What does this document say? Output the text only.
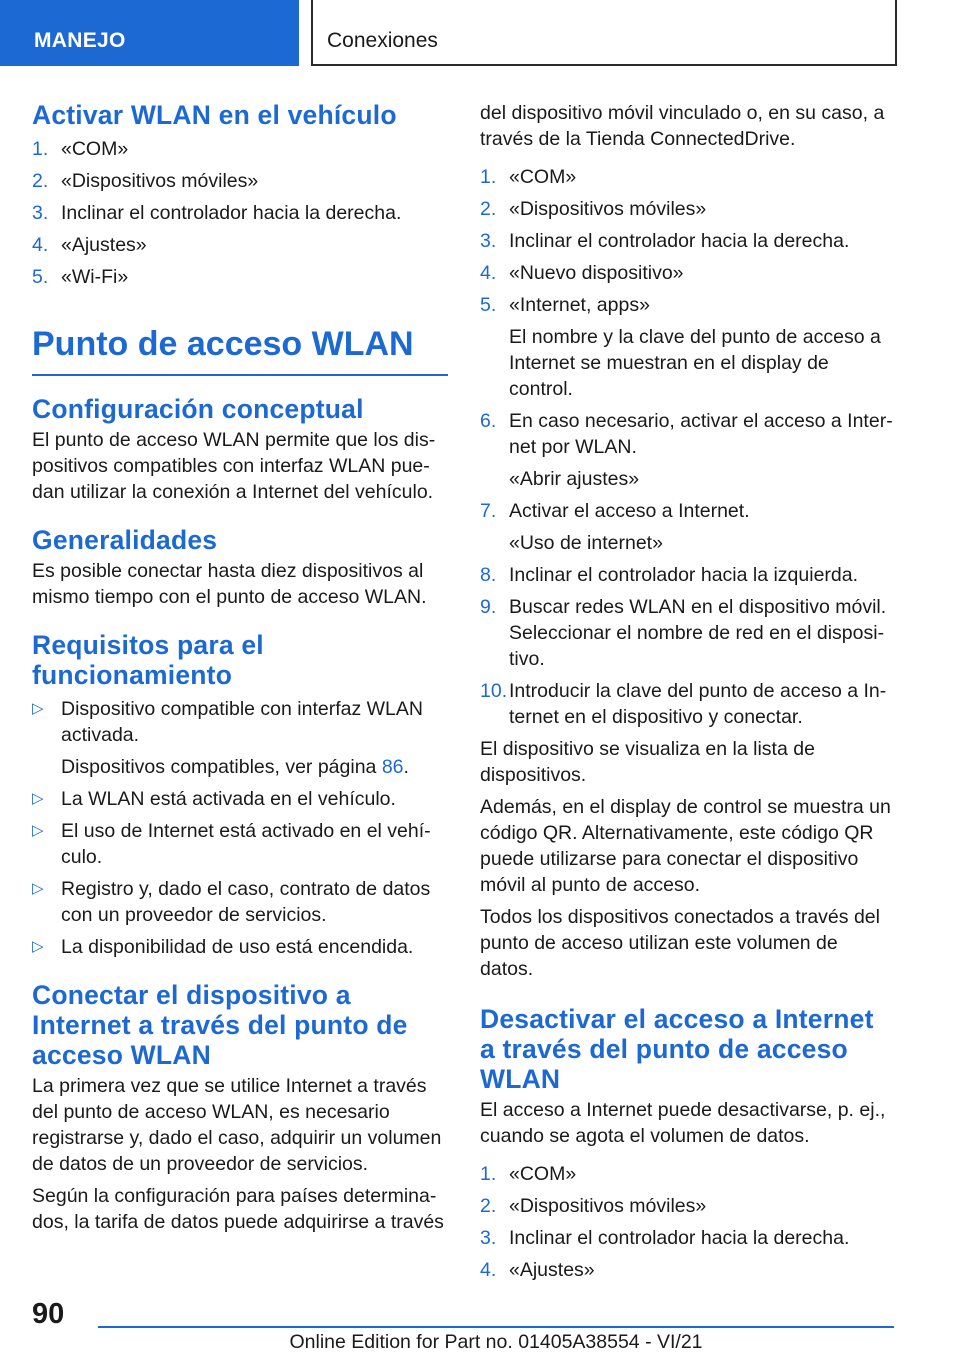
MANEJO	Conexiones
Activar WLAN en el vehículo
1. «COM»
2. «Dispositivos móviles»
3. Inclinar el controlador hacia la derecha.
4. «Ajustes»
5. «Wi-Fi»
Punto de acceso WLAN
Configuración conceptual

El punto de acceso WLAN permite que los dispositivos compatibles con interfaz WLAN puedan utilizar la conexión a Internet del vehículo.

Generalidades

Es posible conectar hasta diez dispositivos al mismo tiempo con el punto de acceso WLAN.

Requisitos para el funcionamiento
▷ Dispositivo compatible con interfaz WLAN activada.
Dispositivos compatibles, ver página 86.
▷ La WLAN está activada en el vehículo.
▷ El uso de Internet está activado en el vehículo.
▷ Registro y, dado el caso, contrato de datos con un proveedor de servicios.
▷ La disponibilidad de uso está encendida.
Conectar el dispositivo a Internet a través del punto de acceso WLAN

La primera vez que se utilice Internet a través del punto de acceso WLAN, es necesario registrarse y, dado el caso, adquirir un volumen de datos de un proveedor de servicios.

Según la configuración para países determinados, la tarifa de datos puede adquirirse a través

del dispositivo móvil vinculado o, en su caso, a través de la Tienda ConnectedDrive.

1. «COM»
2. «Dispositivos móviles»
3. Inclinar el controlador hacia la derecha.
4. «Nuevo dispositivo»
5. «Internet, apps»
El nombre y la clave del punto de acceso a Internet se muestran en el display de control.
6. En caso necesario, activar el acceso a Internet por WLAN.
«Abrir ajustes»
7. Activar el acceso a Internet.
«Uso de internet»
8. Inclinar el controlador hacia la izquierda.
9. Buscar redes WLAN en el dispositivo móvil. Seleccionar el nombre de red en el dispositivo.
10. Introducir la clave del punto de acceso a Internet en el dispositivo y conectar.

El dispositivo se visualiza en la lista de dispositivos.

Además, en el display de control se muestra un código QR. Alternativamente, este código QR puede utilizarse para conectar el dispositivo móvil al punto de acceso.

Todos los dispositivos conectados a través del punto de acceso utilizan este volumen de datos.

Desactivar el acceso a Internet a través del punto de acceso WLAN

El acceso a Internet puede desactivarse, p. ej., cuando se agota el volumen de datos.

1. «COM»
2. «Dispositivos móviles»
3. Inclinar el controlador hacia la derecha.
4. «Ajustes»
90
Online Edition for Part no. 01405A38554 - VI/21
